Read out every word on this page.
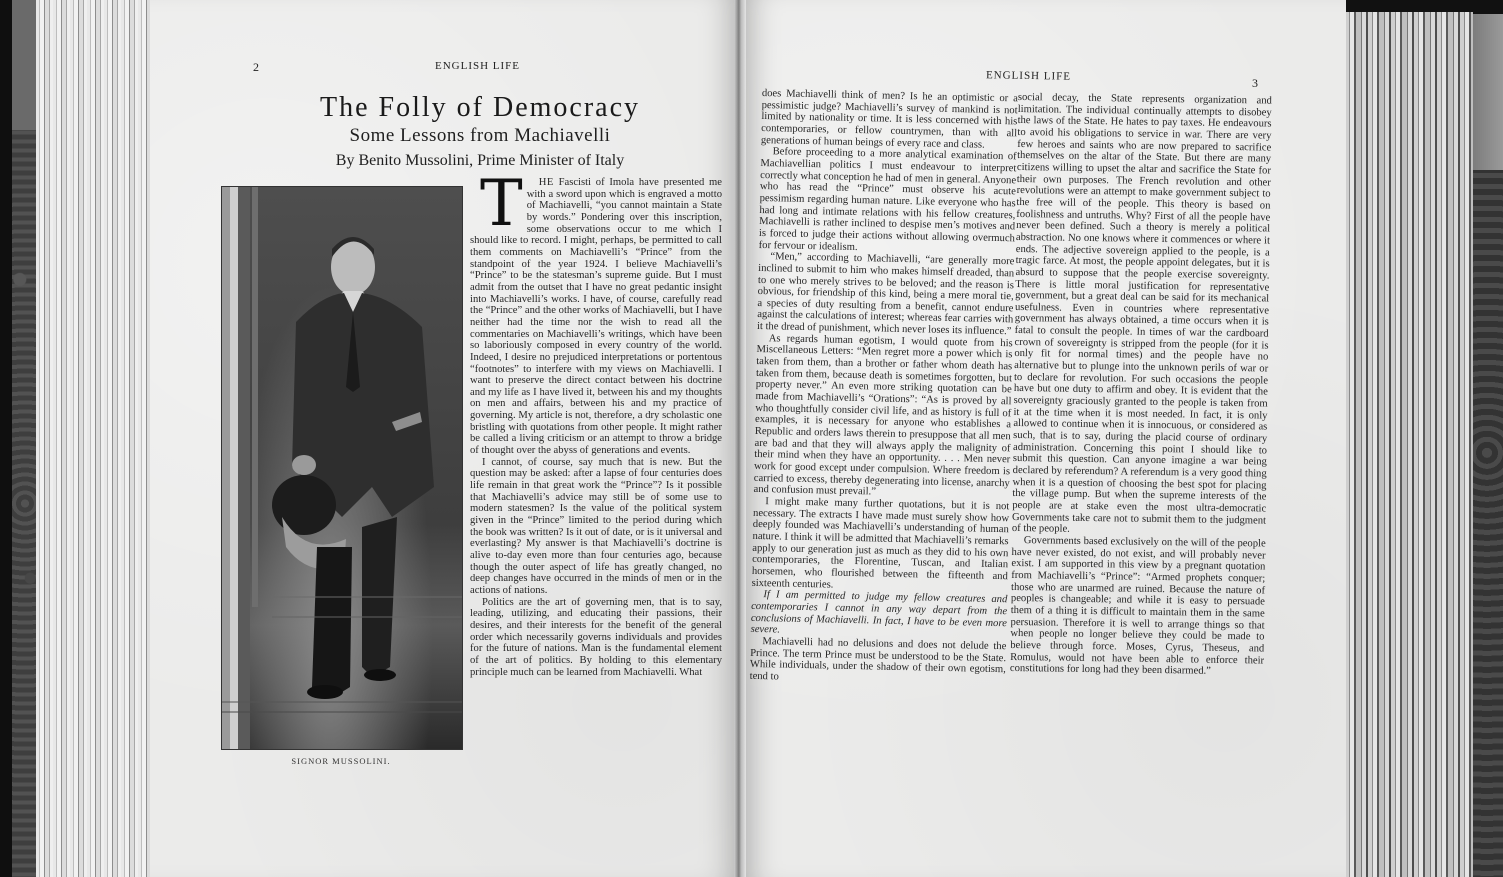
2	ENGLISH LIFE
The Folly of Democracy
Some Lessons from Machiavelli
By Benito Mussolini, Prime Minister of Italy
SIGNOR MUSSOLINI.

T HE Fascisti of Imola have presented me with a sword upon which is engraved a motto of Machiavelli, “you cannot maintain a State by words.” Pondering over this inscription, some observations occur to me which I should like to record. I might, perhaps, be permitted to call them comments on Machiavelli’s “Prince” from the standpoint of the year 1924. I believe Machiavelli’s “Prince” to be the statesman’s supreme guide. But I must admit from the outset that I have no great pedantic insight into Machiavelli’s works. I have, of course, carefully read the “Prince” and the other works of Machiavelli, but I have neither had the time nor the wish to read all the commentaries on Machiavelli’s writings, which have been so laboriously composed in every country of the world. Indeed, I desire no prejudiced interpretations or portentous “footnotes” to interfere with my views on Machiavelli. I want to preserve the direct contact between his doctrine and my life as I have lived it, between his and my thoughts on men and affairs, between his and my practice of governing. My article is not, therefore, a dry scholastic one bristling with quotations from other people. It might rather be called a living criticism or an attempt to throw a bridge of thought over the abyss of generations and events.

I cannot, of course, say much that is new. But the question may be asked: after a lapse of four centuries does life remain in that great work the “Prince”? Is it possible that Machiavelli’s advice may still be of some use to modern statesmen? Is the value of the political system given in the “Prince” limited to the period during which the book was written? Is it out of date, or is it universal and everlasting? My answer is that Machiavelli’s doctrine is alive to-day even more than four centuries ago, because though the outer aspect of life has greatly changed, no deep changes have occurred in the minds of men or in the actions of nations.

Politics are the art of governing men, that is to say, leading, utilizing, and educating their passions, their desires, and their interests for the benefit of the general order which necessarily governs individuals and provides for the future of nations. Man is the fundamental element of the art of politics. By holding to this elementary principle much can be learned from Machiavelli. What

ENGLISH LIFE	3

does Machiavelli think of men? Is he an optimistic or a pessimistic judge? Machiavelli’s survey of mankind is not limited by nationality or time. It is less concerned with his contemporaries, or fellow countrymen, than with all generations of human beings of every race and class.

Before proceeding to a more analytical examination of Machiavellian politics I must endeavour to interpret correctly what conception he had of men in general. Anyone who has read the “Prince” must observe his acute pessimism regarding human nature. Like everyone who has had long and intimate relations with his fellow creatures, Machiavelli is rather inclined to despise men’s motives and is forced to judge their actions without allowing overmuch for fervour or idealism.

“Men,” according to Machiavelli, “are generally more inclined to submit to him who makes himself dreaded, than to one who merely strives to be beloved; and the reason is obvious, for friendship of this kind, being a mere moral tie, a species of duty resulting from a benefit, cannot endure against the calculations of interest; whereas fear carries with it the dread of punishment, which never loses its influence.”

As regards human egotism, I would quote from his Miscellaneous Letters: “Men regret more a power which is taken from them, than a brother or father whom death has taken from them, because death is sometimes forgotten, but property never.” An even more striking quotation can be made from Machiavelli’s “Orations”: “As is proved by all who thoughtfully consider civil life, and as history is full of examples, it is necessary for anyone who establishes a Republic and orders laws therein to presuppose that all men are bad and that they will always apply the malignity of their mind when they have an opportunity. . . . Men never work for good except under compulsion. Where freedom is carried to excess, thereby degenerating into license, anarchy and confusion must prevail.”

I might make many further quotations, but it is not necessary. The extracts I have made must surely show how deeply founded was Machiavelli’s understanding of human nature. I think it will be admitted that Machiavelli’s remarks apply to our generation just as much as they did to his own contemporaries, the Florentine, Tuscan, and Italian horsemen, who flourished between the fifteenth and sixteenth centuries.

If I am permitted to judge my fellow creatures and contemporaries I cannot in any way depart from the conclusions of Machiavelli. In fact, I have to be even more severe.

Machiavelli had no delusions and does not delude the Prince. The term Prince must be understood to be the State. While individuals, under the shadow of their own egotism, tend to

social decay, the State represents organization and limitation. The individual continually attempts to disobey the laws of the State. He hates to pay taxes. He endeavours to avoid his obligations to service in war. There are very few heroes and saints who are now prepared to sacrifice themselves on the altar of the State. But there are many citizens willing to upset the altar and sacrifice the State for their own purposes. The French revolution and other revolutions were an attempt to make government subject to the free will of the people. This theory is based on foolishness and untruths. Why? First of all the people have never been defined. Such a theory is merely a political abstraction. No one knows where it commences or where it ends. The adjective sovereign applied to the people, is a tragic farce. At most, the people appoint delegates, but it is absurd to suppose that the people exercise sovereignty. There is little moral justification for representative government, but a great deal can be said for its mechanical usefulness. Even in countries where representative government has always obtained, a time occurs when it is fatal to consult the people. In times of war the cardboard crown of sovereignty is stripped from the people (for it is only fit for normal times) and the people have no alternative but to plunge into the unknown perils of war or to declare for revolution. For such occasions the people have but one duty to affirm and obey. It is evident that the sovereignty graciously granted to the people is taken from it at the time when it is most needed. In fact, it is only allowed to continue when it is innocuous, or considered as such, that is to say, during the placid course of ordinary administration. Concerning this point I should like to submit this question. Can anyone imagine a war being declared by referendum? A referendum is a very good thing when it is a question of choosing the best spot for placing the village pump. But when the supreme interests of the people are at stake even the most ultra-democratic Governments take care not to submit them to the judgment of the people.

Governments based exclusively on the will of the people have never existed, do not exist, and will probably never exist. I am supported in this view by a pregnant quotation from Machiavelli’s “Prince”: “Armed prophets conquer; those who are unarmed are ruined. Because the nature of peoples is changeable; and while it is easy to persuade them of a thing it is difficult to maintain them in the same persuasion. Therefore it is well to arrange things so that when people no longer believe they could be made to believe through force. Moses, Cyrus, Theseus, and Romulus, would not have been able to enforce their constitutions for long had they been disarmed.”
